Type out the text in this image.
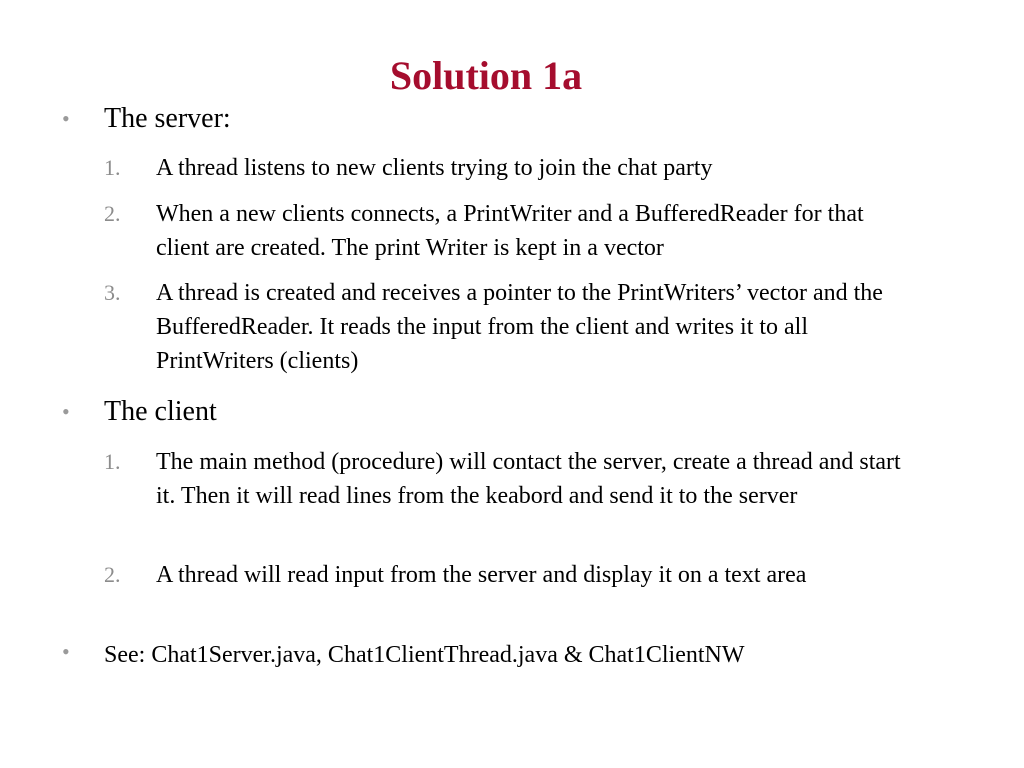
Solution 1a
• The server:
1. A thread listens to new clients trying to join the chat party
2. When a new clients connects, a PrintWriter and a BufferedReader for that client are created. The print Writer is kept in a vector
3. A thread is created and receives a pointer to the PrintWriters’ vector and the BufferedReader. It reads the input from the client and writes it to all PrintWriters (clients)
• The client
1. The main method (procedure) will contact the server, create a thread and start it. Then it will read lines from the keabord and send it to the server
2. A thread will read input from the server and display it on a text area
• See: Chat1Server.java, Chat1ClientThread.java & Chat1ClientNW
